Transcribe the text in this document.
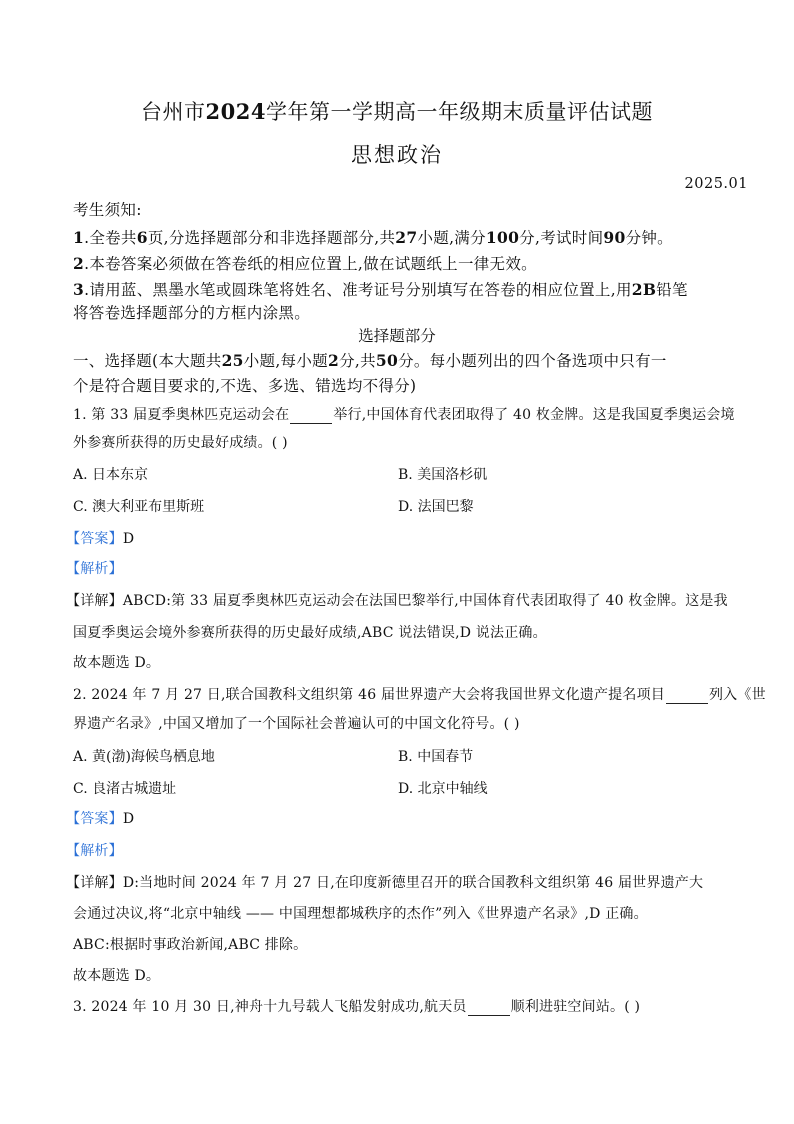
台州市2024学年第一学期高一年级期末质量评估试题
思想政治
2025.01
考生须知:
1.全卷共6页,分选择题部分和非选择题部分,共27小题,满分100分,考试时间90分钟。
2.本卷答案必须做在答卷纸的相应位置上,做在试题纸上一律无效。
3.请用蓝、黑墨水笔或圆珠笔将姓名、准考证号分别填写在答卷的相应位置上,用2B铅笔
将答卷选择题部分的方框内涂黑。
选择题部分
一、选择题(本大题共25小题,每小题2分,共50分。每小题列出的四个备选项中只有一
个是符合题目要求的,不选、多选、错选均不得分)
1. 第 33 届夏季奥林匹克运动会在	举行,中国体育代表团取得了 40 枚金牌。这是我国夏季奥运会境
外参赛所获得的历史最好成绩。( )
A. 日本东京	B. 美国洛杉矶
C. 澳大利亚布里斯班	D. 法国巴黎
【答案】D
【解析】
【详解】ABCD:第 33 届夏季奥林匹克运动会在法国巴黎举行,中国体育代表团取得了 40 枚金牌。这是我
国夏季奥运会境外参赛所获得的历史最好成绩,ABC 说法错误,D 说法正确。
故本题选 D。
2. 2024 年 7 月 27 日,联合国教科文组织第 46 届世界遗产大会将我国世界文化遗产提名项目	列入《世
界遗产名录》,中国又增加了一个国际社会普遍认可的中国文化符号。( )
A. 黄(渤)海候鸟栖息地	B. 中国春节
C. 良渚古城遗址	D. 北京中轴线
【答案】D
【解析】
【详解】D:当地时间 2024 年 7 月 27 日,在印度新德里召开的联合国教科文组织第 46 届世界遗产大
会通过决议,将“北京中轴线 —— 中国理想都城秩序的杰作”列入《世界遗产名录》,D 正确。
ABC:根据时事政治新闻,ABC 排除。
故本题选 D。
3. 2024 年 10 月 30 日,神舟十九号载人飞船发射成功,航天员	顺利进驻空间站。( )
